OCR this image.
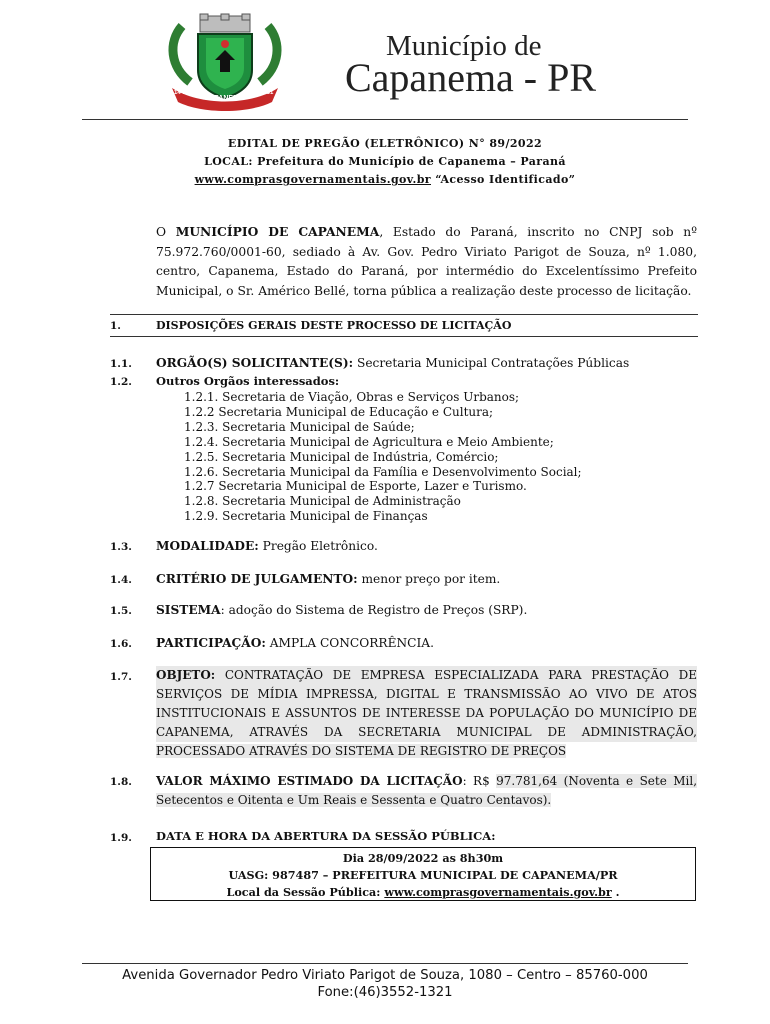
CAPANEMA
14-11	1951
Município de
Capanema - PR
EDITAL DE PREGÃO (ELETRÔNICO) N° 89/2022
LOCAL: Prefeitura do Município de Capanema – Paraná
www.comprasgovernamentais.gov.br “Acesso Identificado”
O MUNICÍPIO DE CAPANEMA, Estado do Paraná, inscrito no CNPJ sob nº
75.972.760/0001-60, sediado à Av. Gov. Pedro Viriato Parigot de Souza, nº 1.080,
centro, Capanema, Estado do Paraná, por intermédio do Excelentíssimo Prefeito
Municipal, o Sr. Américo Bellé, torna pública a realização deste processo de licitação.
1.	DISPOSIÇÕES GERAIS DESTE PROCESSO DE LICITAÇÃO
1.1. ORGÃO(S) SOLICITANTE(S): Secretaria Municipal Contratações Públicas
1.2. Outros Orgãos interessados:
1.2.1. Secretaria de Viação, Obras e Serviços Urbanos;
1.2.2 Secretaria Municipal de Educação e Cultura;
1.2.3. Secretaria Municipal de Saúde;
1.2.4. Secretaria Municipal de Agricultura e Meio Ambiente;
1.2.5. Secretaria Municipal de Indústria, Comércio;
1.2.6. Secretaria Municipal da Família e Desenvolvimento Social;
1.2.7 Secretaria Municipal de Esporte, Lazer e Turismo.
1.2.8. Secretaria Municipal de Administração
1.2.9. Secretaria Municipal de Finanças
1.3. MODALIDADE: Pregão Eletrônico.
1.4. CRITÉRIO DE JULGAMENTO: menor preço por item.
1.5. SISTEMA: adoção do Sistema de Registro de Preços (SRP).
1.6. PARTICIPAÇÃO: AMPLA CONCORRÊNCIA.
1.7. OBJETO: CONTRATAÇÃO DE EMPRESA ESPECIALIZADA PARA PRESTAÇÃO DE
SERVIÇOS DE MÍDIA IMPRESSA, DIGITAL E TRANSMISSÃO AO VIVO DE ATOS
INSTITUCIONAIS E ASSUNTOS DE INTERESSE DA POPULAÇÃO DO MUNICÍPIO DE
CAPANEMA, ATRAVÉS DA SECRETARIA MUNICIPAL DE ADMINISTRAÇÃO,
PROCESSADO ATRAVÉS DO SISTEMA DE REGISTRO DE PREÇOS
1.8. VALOR MÁXIMO ESTIMADO DA LICITAÇÃO: R$ 97.781,64 (Noventa e Sete Mil,
Setecentos e Oitenta e Um Reais e Sessenta e Quatro Centavos).
1.9. DATA E HORA DA ABERTURA DA SESSÃO PÚBLICA:
Dia 28/09/2022 as 8h30m
UASG: 987487 – PREFEITURA MUNICIPAL DE CAPANEMA/PR
Local da Sessão Pública: www.comprasgovernamentais.gov.br .
Avenida Governador Pedro Viriato Parigot de Souza, 1080 – Centro – 85760-000
Fone:(46)3552-1321
